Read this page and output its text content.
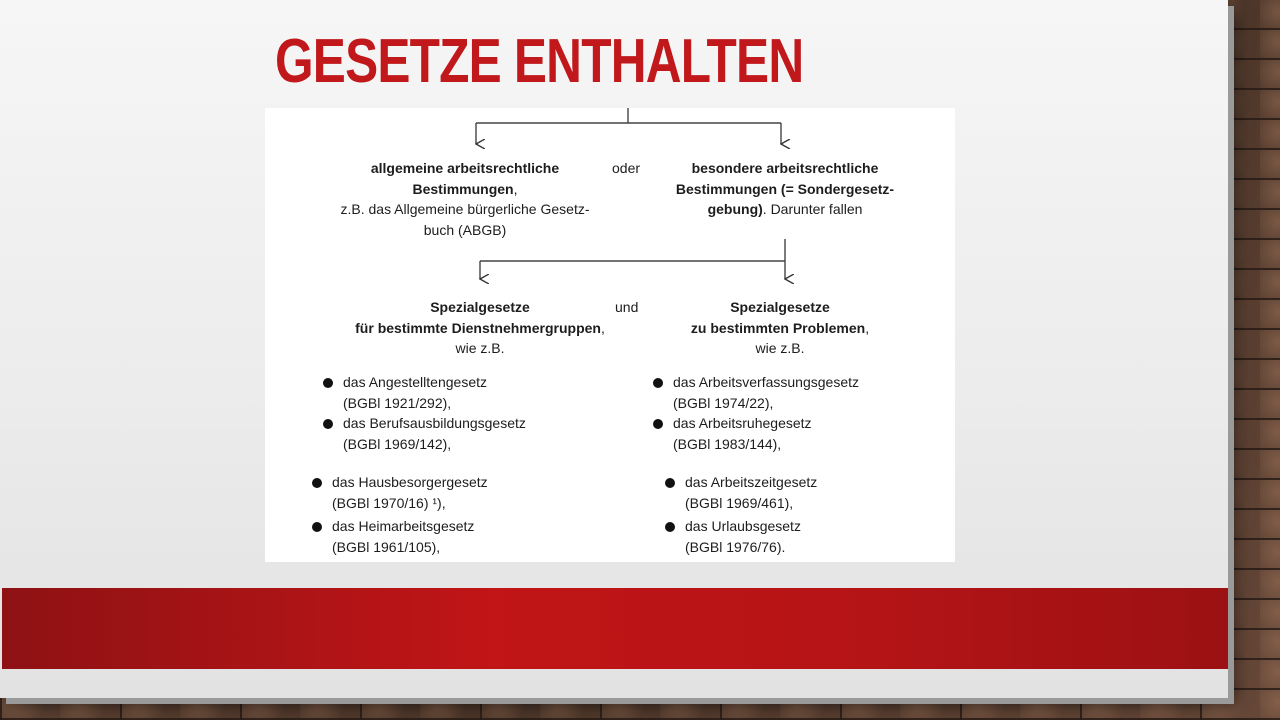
GESETZE ENTHALTEN
allgemeine arbeitsrechtliche
Bestimmungen,
z.B. das Allgemeine bürgerliche Gesetz-
buch (ABGB)
oder	besondere arbeitsrechtliche
Bestimmungen (= Sondergesetz-
gebung). Darunter fallen
Spezialgesetze
für bestimmte Dienstnehmergruppen,
wie z.B.
und	Spezialgesetze
zu bestimmten Problemen,
wie z.B.
das Angestelltengesetz
(BGBl 1921/292),
das Berufsausbildungsgesetz
(BGBl 1969/142),
das Hausbesorgergesetz
(BGBl 1970/16) ¹),
das Heimarbeitsgesetz
(BGBl 1961/105),
das Arbeitsverfassungsgesetz
(BGBl 1974/22),
das Arbeitsruhegesetz
(BGBl 1983/144),
das Arbeitszeitgesetz
(BGBl 1969/461),
das Urlaubsgesetz
(BGBl 1976/76).
